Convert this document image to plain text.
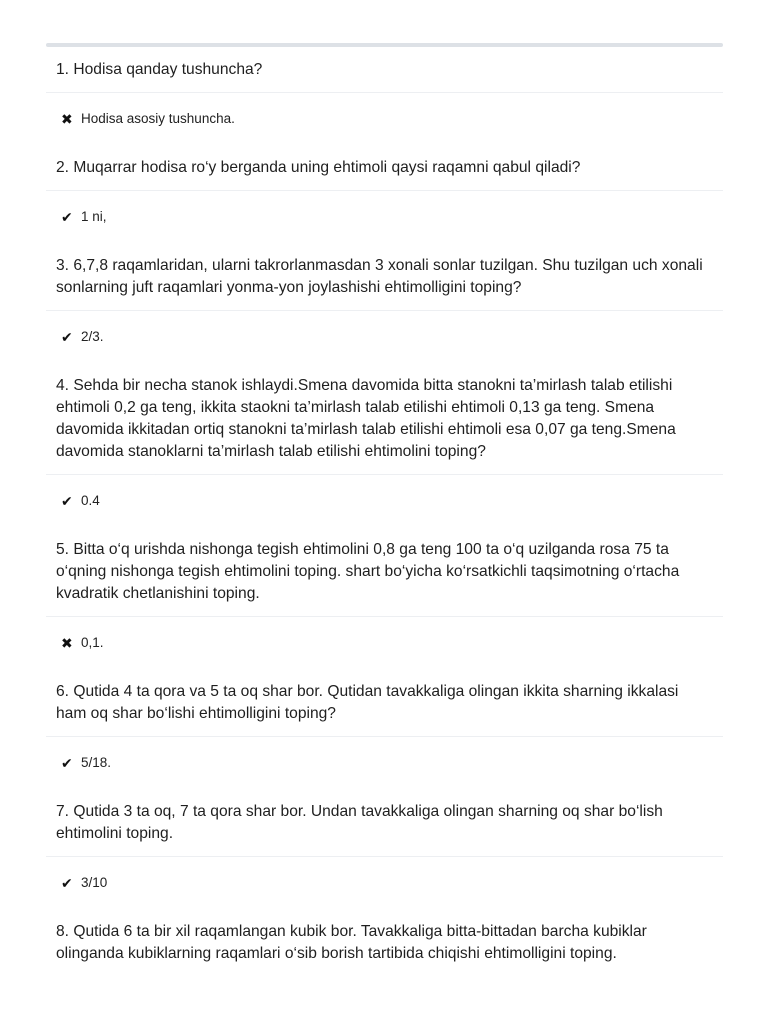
1. Hodisa qanday tushuncha?
✖ Hodisa asosiy tushuncha.
2. Muqarrar hodisa ro‘y berganda uning ehtimoli qaysi raqamni qabul qiladi?
✔ 1 ni,
3. 6,7,8 raqamlaridan, ularni takrorlanmasdan 3 xonali sonlar tuzilgan. Shu tuzilgan uch xonali sonlarning juft raqamlari yonma-yon joylashishi ehtimolligini toping?
✔ 2/3.
4. Sehda bir necha stanok ishlaydi.Smena davomida bitta stanokni ta’mirlash talab etilishi ehtimoli 0,2 ga teng, ikkita staokni ta’mirlash talab etilishi ehtimoli 0,13 ga teng. Smena davomida ikkitadan ortiq stanokni ta’mirlash talab etilishi ehtimoli esa 0,07 ga teng.Smena davomida stanoklarni ta’mirlash talab etilishi ehtimolini toping?
✔ 0.4
5. Bitta o‘q urishda nishonga tegish ehtimolini 0,8 ga teng 100 ta o‘q uzilganda rosa 75 ta o‘qning nishonga tegish ehtimolini toping. shart bo‘yicha ko‘rsatkichli taqsimotning o‘rtacha kvadratik chetlanishini toping.
✖ 0,1.
6. Qutida 4 ta qora va 5 ta oq shar bor. Qutidan tavakkaliga olingan ikkita sharning ikkalasi ham oq shar bo‘lishi ehtimolligini toping?
✔ 5/18.
7. Qutida 3 ta oq, 7 ta qora shar bor. Undan tavakkaliga olingan sharning oq shar bo‘lish ehtimolini toping.
✔ 3/10
8. Qutida 6 ta bir xil raqamlangan kubik bor. Tavakkaliga bitta-bittadan barcha kubiklar olinganda kubiklarning raqamlari o‘sib borish tartibida chiqishi ehtimolligini toping.
